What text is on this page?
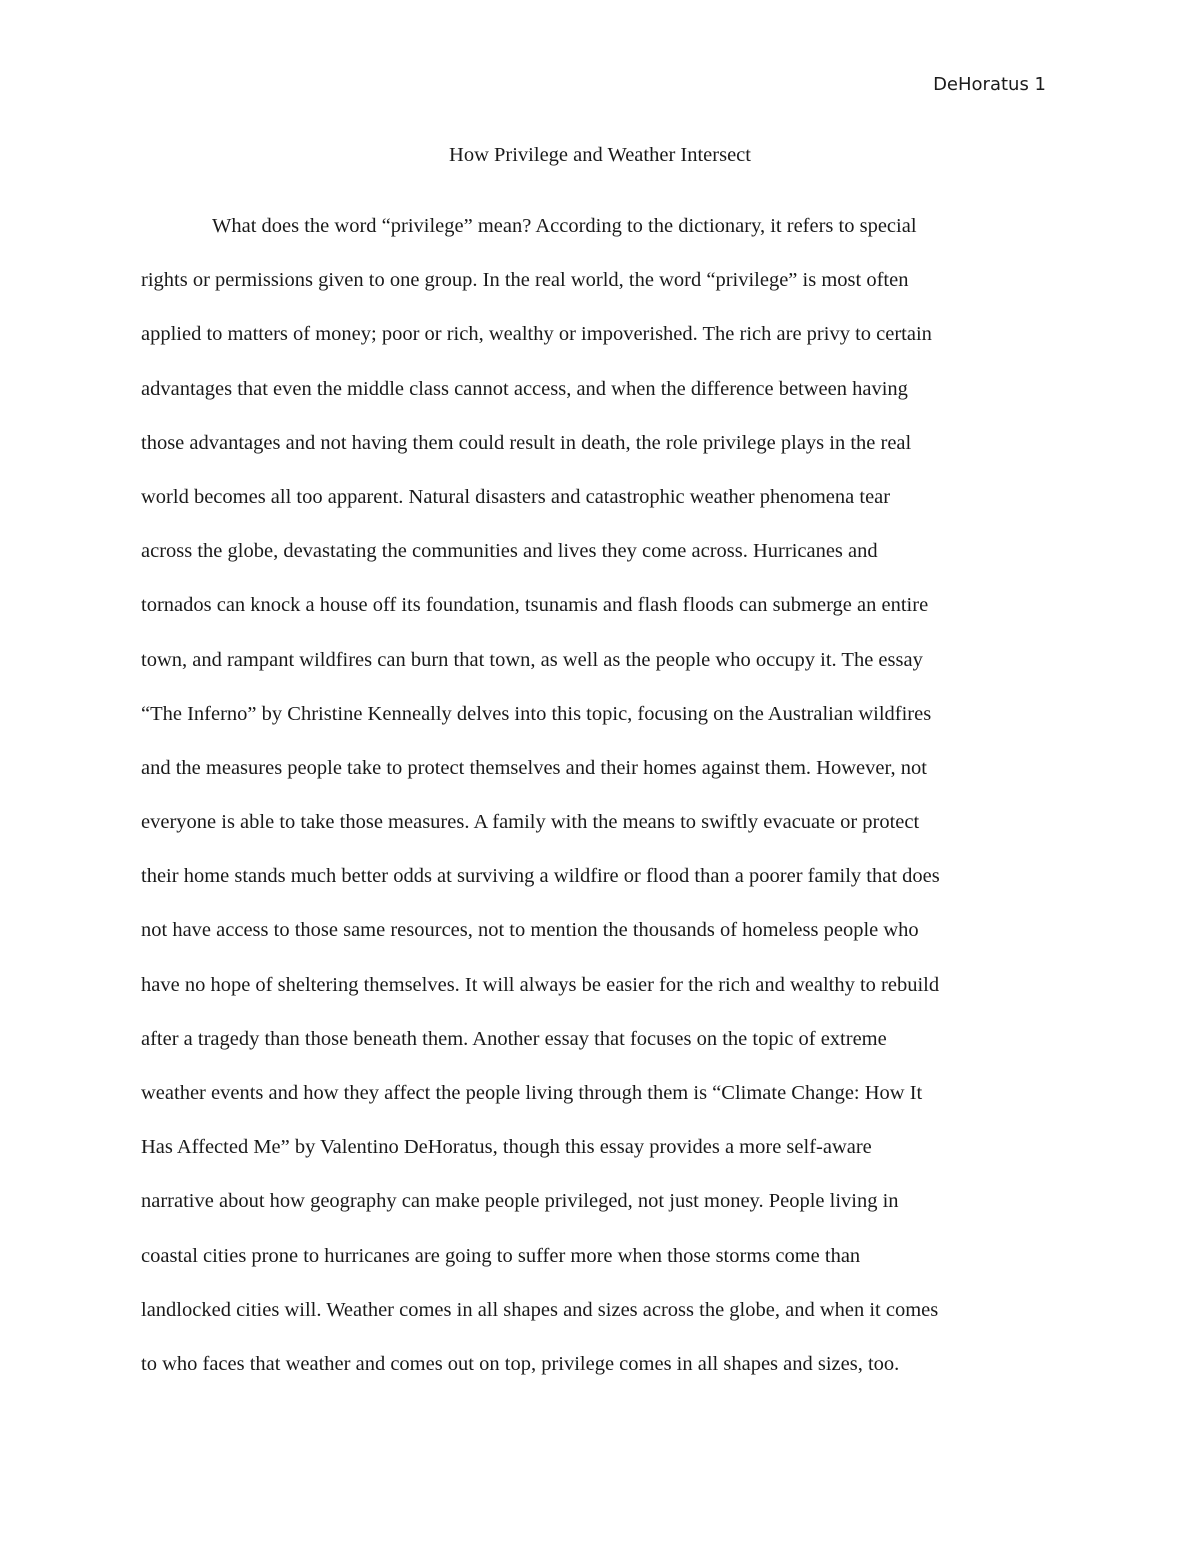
DeHoratus 1
How Privilege and Weather Intersect
What does the word “privilege” mean? According to the dictionary, it refers to special
rights or permissions given to one group. In the real world, the word “privilege” is most often
applied to matters of money; poor or rich, wealthy or impoverished. The rich are privy to certain
advantages that even the middle class cannot access, and when the difference between having
those advantages and not having them could result in death, the role privilege plays in the real
world becomes all too apparent. Natural disasters and catastrophic weather phenomena tear
across the globe, devastating the communities and lives they come across. Hurricanes and
tornados can knock a house off its foundation, tsunamis and flash floods can submerge an entire
town, and rampant wildfires can burn that town, as well as the people who occupy it. The essay
“The Inferno” by Christine Kenneally delves into this topic, focusing on the Australian wildfires
and the measures people take to protect themselves and their homes against them. However, not
everyone is able to take those measures. A family with the means to swiftly evacuate or protect
their home stands much better odds at surviving a wildfire or flood than a poorer family that does
not have access to those same resources, not to mention the thousands of homeless people who
have no hope of sheltering themselves. It will always be easier for the rich and wealthy to rebuild
after a tragedy than those beneath them. Another essay that focuses on the topic of extreme
weather events and how they affect the people living through them is “Climate Change: How It
Has Affected Me” by Valentino DeHoratus, though this essay provides a more self-aware
narrative about how geography can make people privileged, not just money. People living in
coastal cities prone to hurricanes are going to suffer more when those storms come than
landlocked cities will. Weather comes in all shapes and sizes across the globe, and when it comes
to who faces that weather and comes out on top, privilege comes in all shapes and sizes, too.
